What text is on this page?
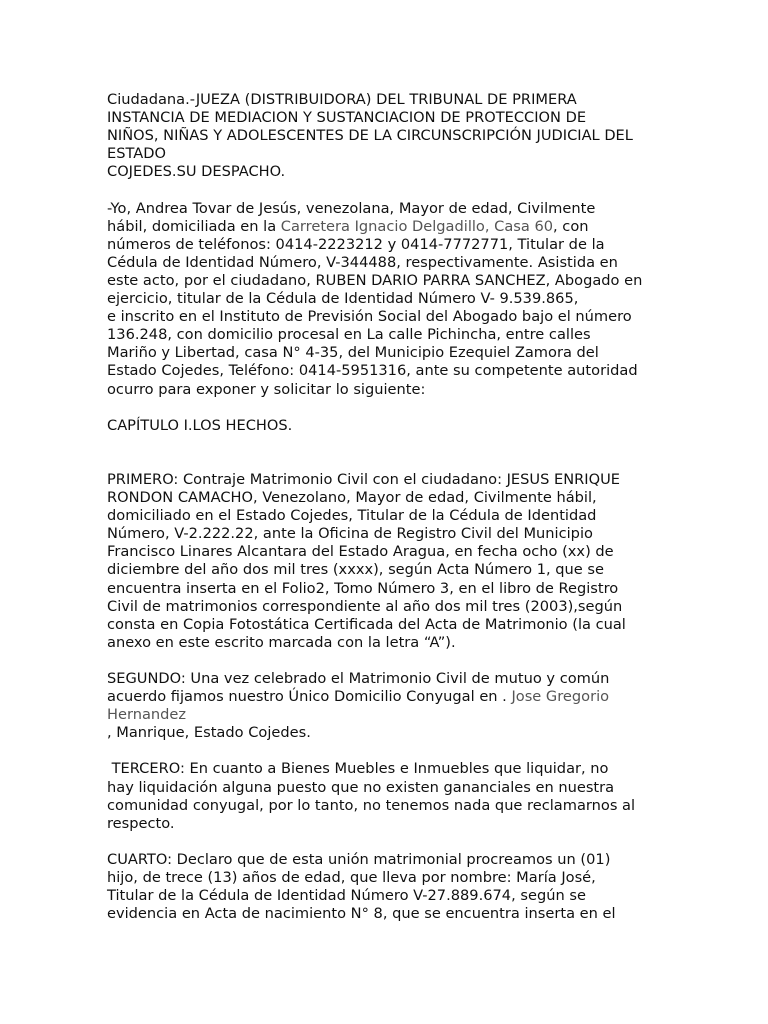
Ciudadana.-JUEZA (DISTRIBUIDORA) DEL TRIBUNAL DE PRIMERA
INSTANCIA DE MEDIACION Y SUSTANCIACION DE PROTECCION DE
NIÑOS, NIÑAS Y ADOLESCENTES DE LA CIRCUNSCRIPCIÓN JUDICIAL DEL
ESTADO
COJEDES.SU DESPACHO.
-Yo, Andrea Tovar de Jesús, venezolana, Mayor de edad, Civilmente
hábil, domiciliada en la Carretera Ignacio Delgadillo, Casa 60, con
números de teléfonos: 0414-2223212 y 0414-7772771, Titular de la
Cédula de Identidad Número, V-344488, respectivamente. Asistida en
este acto, por el ciudadano, RUBEN DARIO PARRA SANCHEZ, Abogado en
ejercicio, titular de la Cédula de Identidad Número V- 9.539.865,
e inscrito en el Instituto de Previsión Social del Abogado bajo el número
136.248, con domicilio procesal en La calle Pichincha, entre calles
Mariño y Libertad, casa N° 4-35, del Municipio Ezequiel Zamora del
Estado Cojedes, Teléfono: 0414-5951316, ante su competente autoridad
ocurro para exponer y solicitar lo siguiente:
CAPÍTULO I.LOS HECHOS.
PRIMERO: Contraje Matrimonio Civil con el ciudadano: JESUS ENRIQUE
RONDON CAMACHO, Venezolano, Mayor de edad, Civilmente hábil,
domiciliado en el Estado Cojedes, Titular de la Cédula de Identidad
Número, V-2.222.22, ante la Oficina de Registro Civil del Municipio
Francisco Linares Alcantara del Estado Aragua, en fecha ocho (xx) de
diciembre del año dos mil tres (xxxx), según Acta Número 1, que se
encuentra inserta en el Folio2, Tomo Número 3, en el libro de Registro
Civil de matrimonios correspondiente al año dos mil tres (2003),según
consta en Copia Fotostática Certificada del Acta de Matrimonio (la cual
anexo en este escrito marcada con la letra “A”).
SEGUNDO: Una vez celebrado el Matrimonio Civil de mutuo y común
acuerdo fijamos nuestro Único Domicilio Conyugal en . Jose Gregorio
Hernandez
, Manrique, Estado Cojedes.
TERCERO: En cuanto a Bienes Muebles e Inmuebles que liquidar, no
hay liquidación alguna puesto que no existen gananciales en nuestra
comunidad conyugal, por lo tanto, no tenemos nada que reclamarnos al
respecto.
CUARTO: Declaro que de esta unión matrimonial procreamos un (01)
hijo, de trece (13) años de edad, que lleva por nombre: María José,
Titular de la Cédula de Identidad Número V-27.889.674, según se
evidencia en Acta de nacimiento N° 8, que se encuentra inserta en el
